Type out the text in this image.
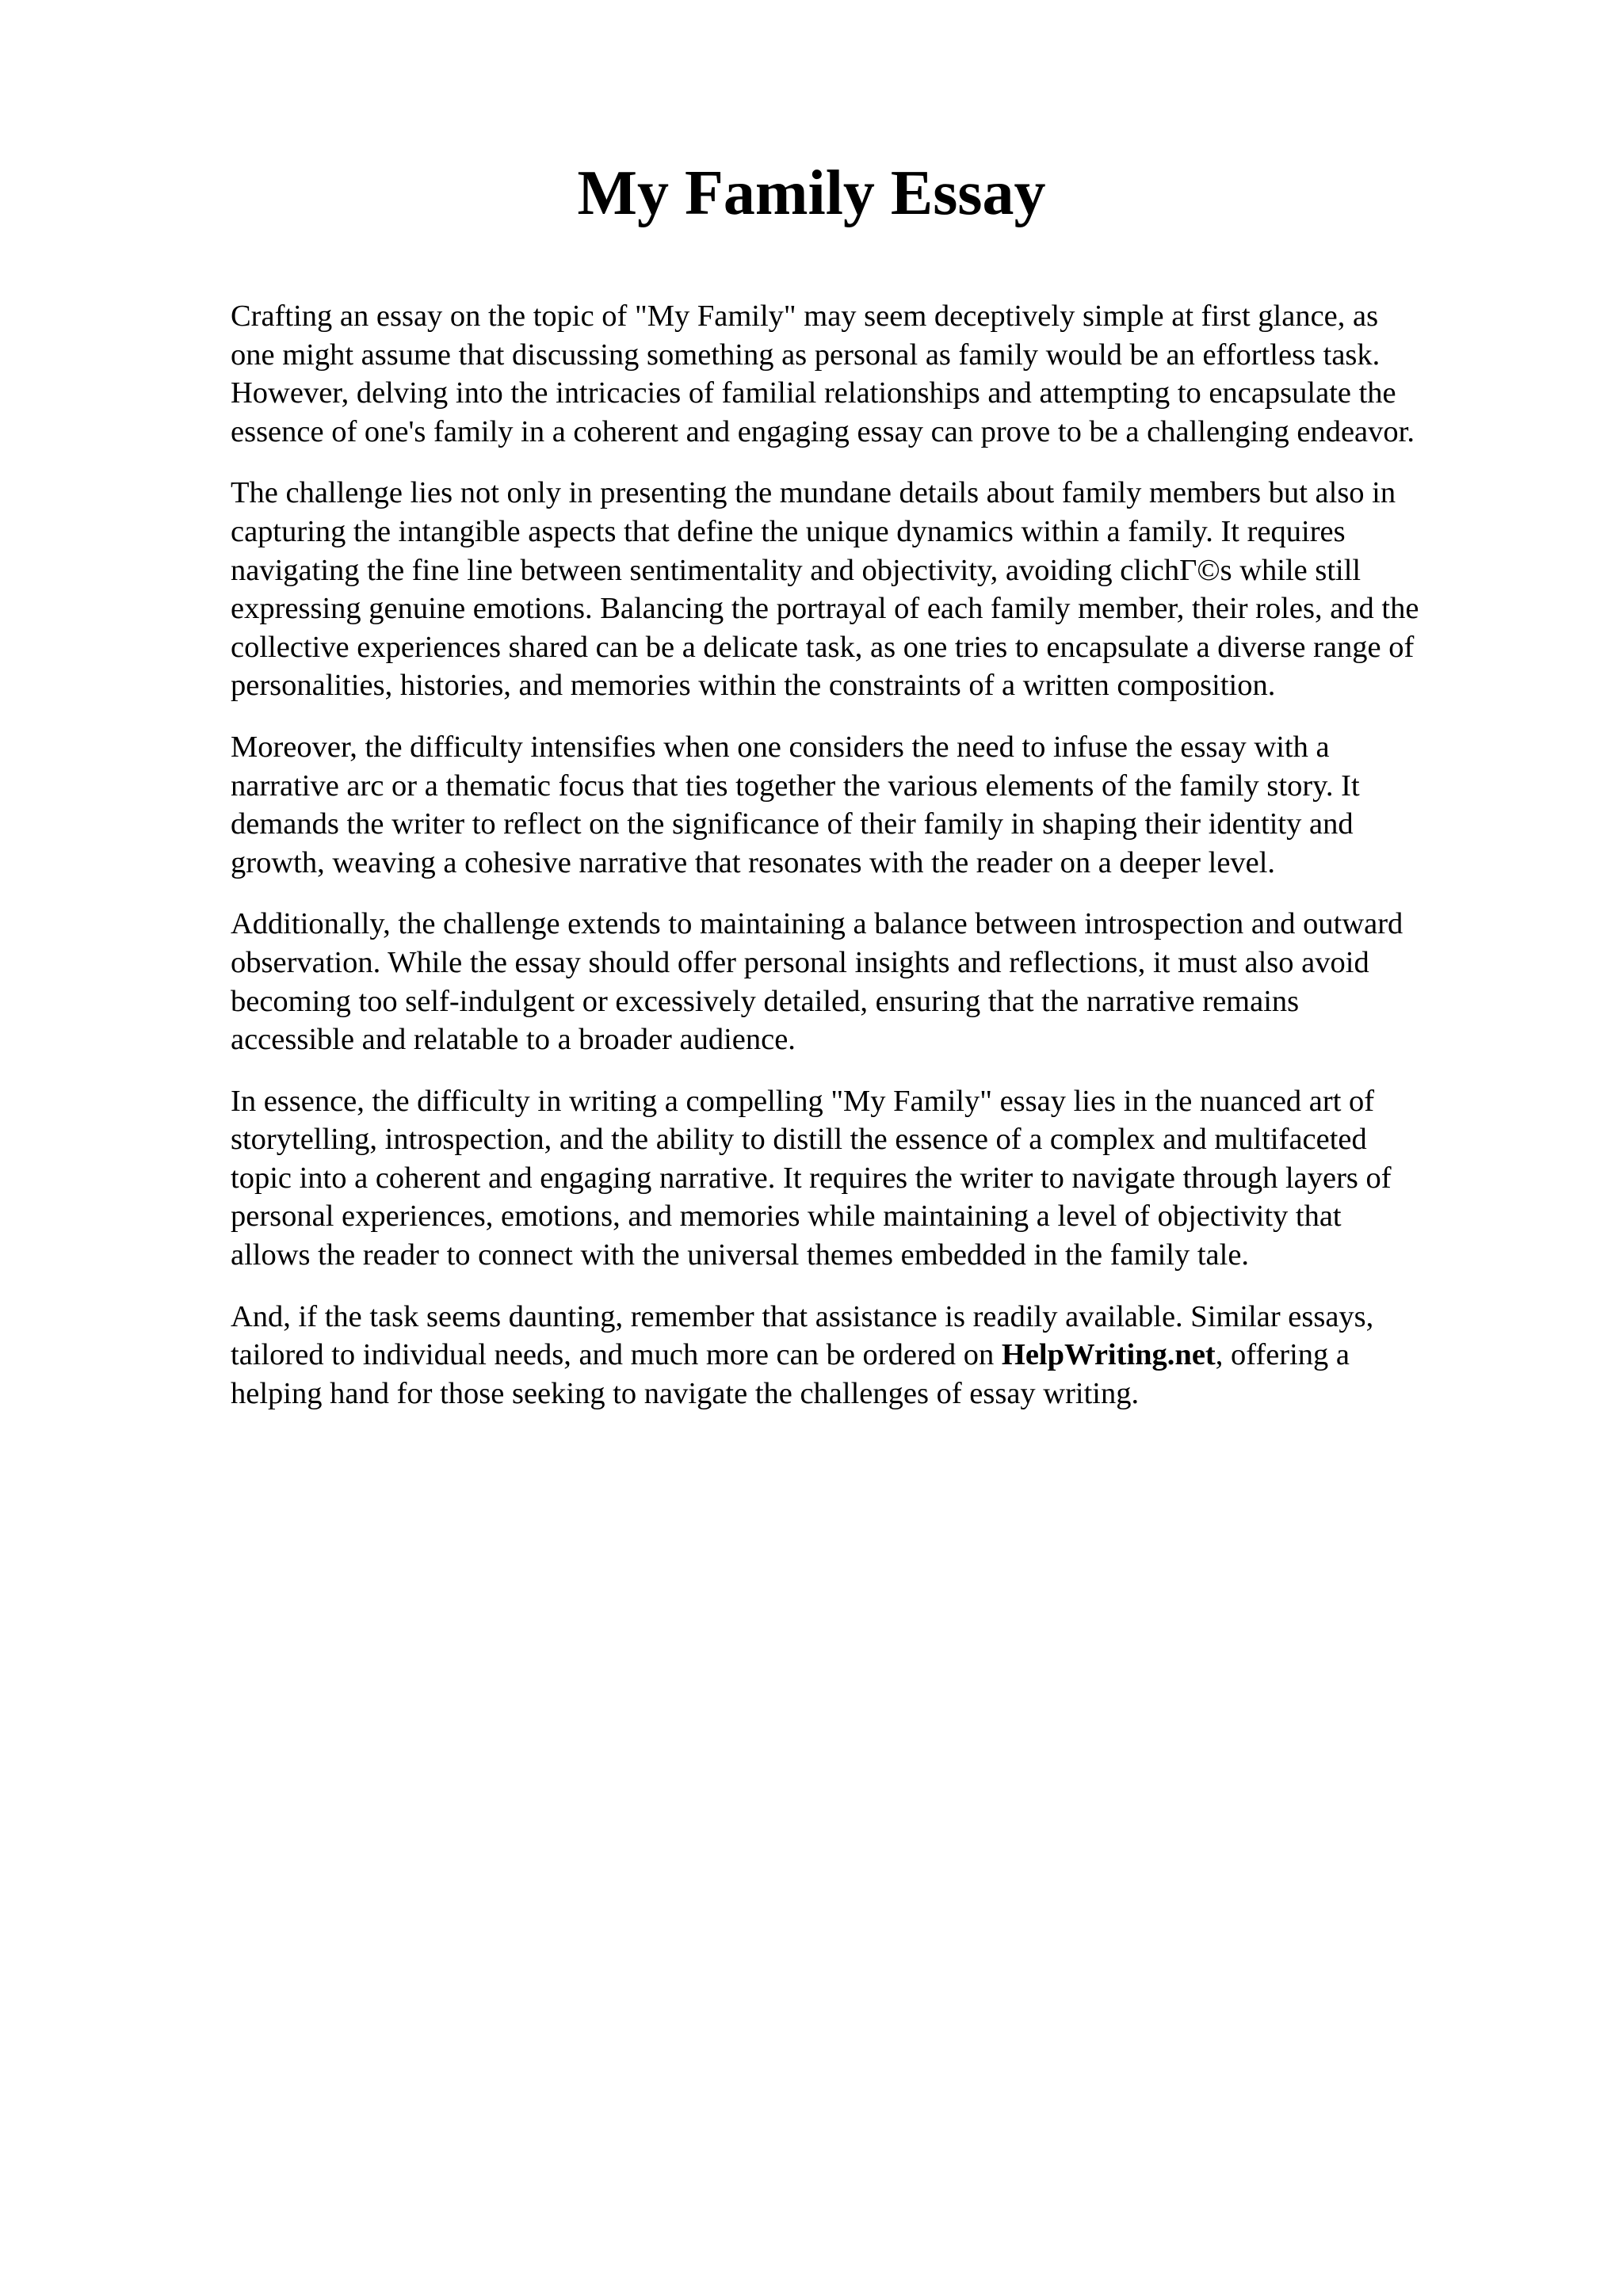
My Family Essay

Crafting an essay on the topic of "My Family" may seem deceptively simple at first glance, as
one might assume that discussing something as personal as family would be an effortless task.
However, delving into the intricacies of familial relationships and attempting to encapsulate the
essence of one's family in a coherent and engaging essay can prove to be a challenging endeavor.

The challenge lies not only in presenting the mundane details about family members but also in
capturing the intangible aspects that define the unique dynamics within a family. It requires
navigating the fine line between sentimentality and objectivity, avoiding clichГ©s while still
expressing genuine emotions. Balancing the portrayal of each family member, their roles, and the
collective experiences shared can be a delicate task, as one tries to encapsulate a diverse range of
personalities, histories, and memories within the constraints of a written composition.

Moreover, the difficulty intensifies when one considers the need to infuse the essay with a
narrative arc or a thematic focus that ties together the various elements of the family story. It
demands the writer to reflect on the significance of their family in shaping their identity and
growth, weaving a cohesive narrative that resonates with the reader on a deeper level.

Additionally, the challenge extends to maintaining a balance between introspection and outward
observation. While the essay should offer personal insights and reflections, it must also avoid
becoming too self-indulgent or excessively detailed, ensuring that the narrative remains
accessible and relatable to a broader audience.

In essence, the difficulty in writing a compelling "My Family" essay lies in the nuanced art of
storytelling, introspection, and the ability to distill the essence of a complex and multifaceted
topic into a coherent and engaging narrative. It requires the writer to navigate through layers of
personal experiences, emotions, and memories while maintaining a level of objectivity that
allows the reader to connect with the universal themes embedded in the family tale.

And, if the task seems daunting, remember that assistance is readily available. Similar essays,
tailored to individual needs, and much more can be ordered on HelpWriting.net, offering a
helping hand for those seeking to navigate the challenges of essay writing.
